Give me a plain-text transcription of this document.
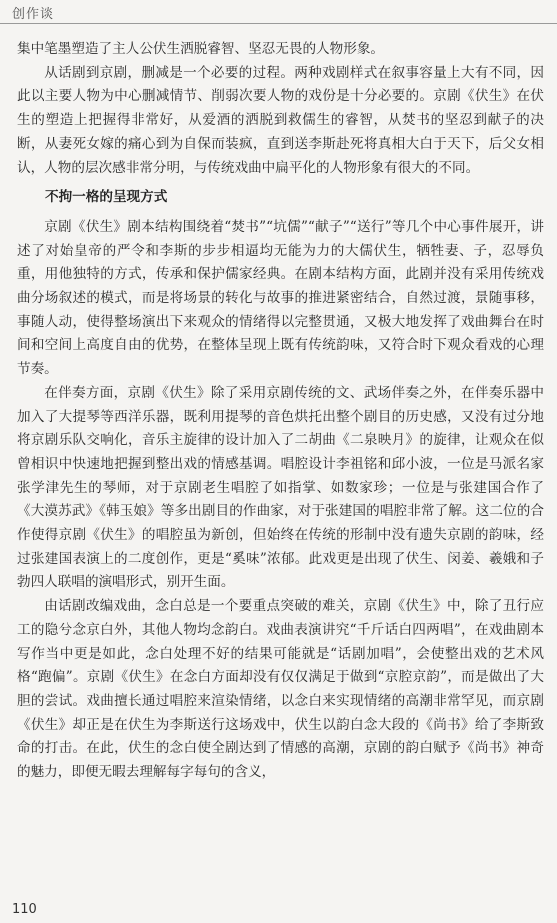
创作谈

集中笔墨塑造了主人公伏生洒脱睿智、坚忍无畏的人物形象。

从话剧到京剧，删减是一个必要的过程。两种戏剧样式在叙事容量上大有不同，因此以主要人物为中心删减情节、削弱次要人物的戏份是十分必要的。京剧《伏生》在伏生的塑造上把握得非常好，从爱酒的洒脱到救儒生的睿智，从焚书的坚忍到献子的决断，从妻死女嫁的痛心到为自保而装疯，直到送李斯赴死将真相大白于天下，后父女相认，人物的层次感非常分明，与传统戏曲中扁平化的人物形象有很大的不同。

不拘一格的呈现方式

京剧《伏生》剧本结构围绕着“焚书”“坑儒”“献子”“送行”等几个中心事件展开，讲述了对始皇帝的严令和李斯的步步相逼均无能为力的大儒伏生，牺牲妻、子，忍辱负重，用他独特的方式，传承和保护儒家经典。在剧本结构方面，此剧并没有采用传统戏曲分场叙述的模式，而是将场景的转化与故事的推进紧密结合，自然过渡，景随事移，事随人动，使得整场演出下来观众的情绪得以完整贯通，又极大地发挥了戏曲舞台在时间和空间上高度自由的优势，在整体呈现上既有传统韵味，又符合时下观众看戏的心理节奏。

在伴奏方面，京剧《伏生》除了采用京剧传统的文、武场伴奏之外，在伴奏乐器中加入了大提琴等西洋乐器，既利用提琴的音色烘托出整个剧目的历史感，又没有过分地将京剧乐队交响化，音乐主旋律的设计加入了二胡曲《二泉映月》的旋律，让观众在似曾相识中快速地把握到整出戏的情感基调。唱腔设计李祖铭和邱小波，一位是马派名家张学津先生的琴师，对于京剧老生唱腔了如指掌、如数家珍；一位是与张建国合作了《大漠苏武》《韩玉娘》等多出剧目的作曲家，对于张建国的唱腔非常了解。这二位的合作使得京剧《伏生》的唱腔虽为新创，但始终在传统的形制中没有遗失京剧的韵味，经过张建国表演上的二度创作，更是“奚味”浓郁。此戏更是出现了伏生、闵姜、羲娥和子勃四人联唱的演唱形式，别开生面。

由话剧改编戏曲，念白总是一个要重点突破的难关，京剧《伏生》中，除了丑行应工的隐兮念京白外，其他人物均念韵白。戏曲表演讲究“千斤话白四两唱”，在戏曲剧本写作当中更是如此，念白处理不好的结果可能就是“话剧加唱”，会使整出戏的艺术风格“跑偏”。京剧《伏生》在念白方面却没有仅仅满足于做到“京腔京韵”，而是做出了大胆的尝试。戏曲擅长通过唱腔来渲染情绪，以念白来实现情绪的高潮非常罕见，而京剧《伏生》却正是在伏生为李斯送行这场戏中，伏生以韵白念大段的《尚书》给了李斯致命的打击。在此，伏生的念白使全剧达到了情感的高潮，京剧的韵白赋予《尚书》神奇的魅力，即便无暇去理解每字每句的含义，

110
